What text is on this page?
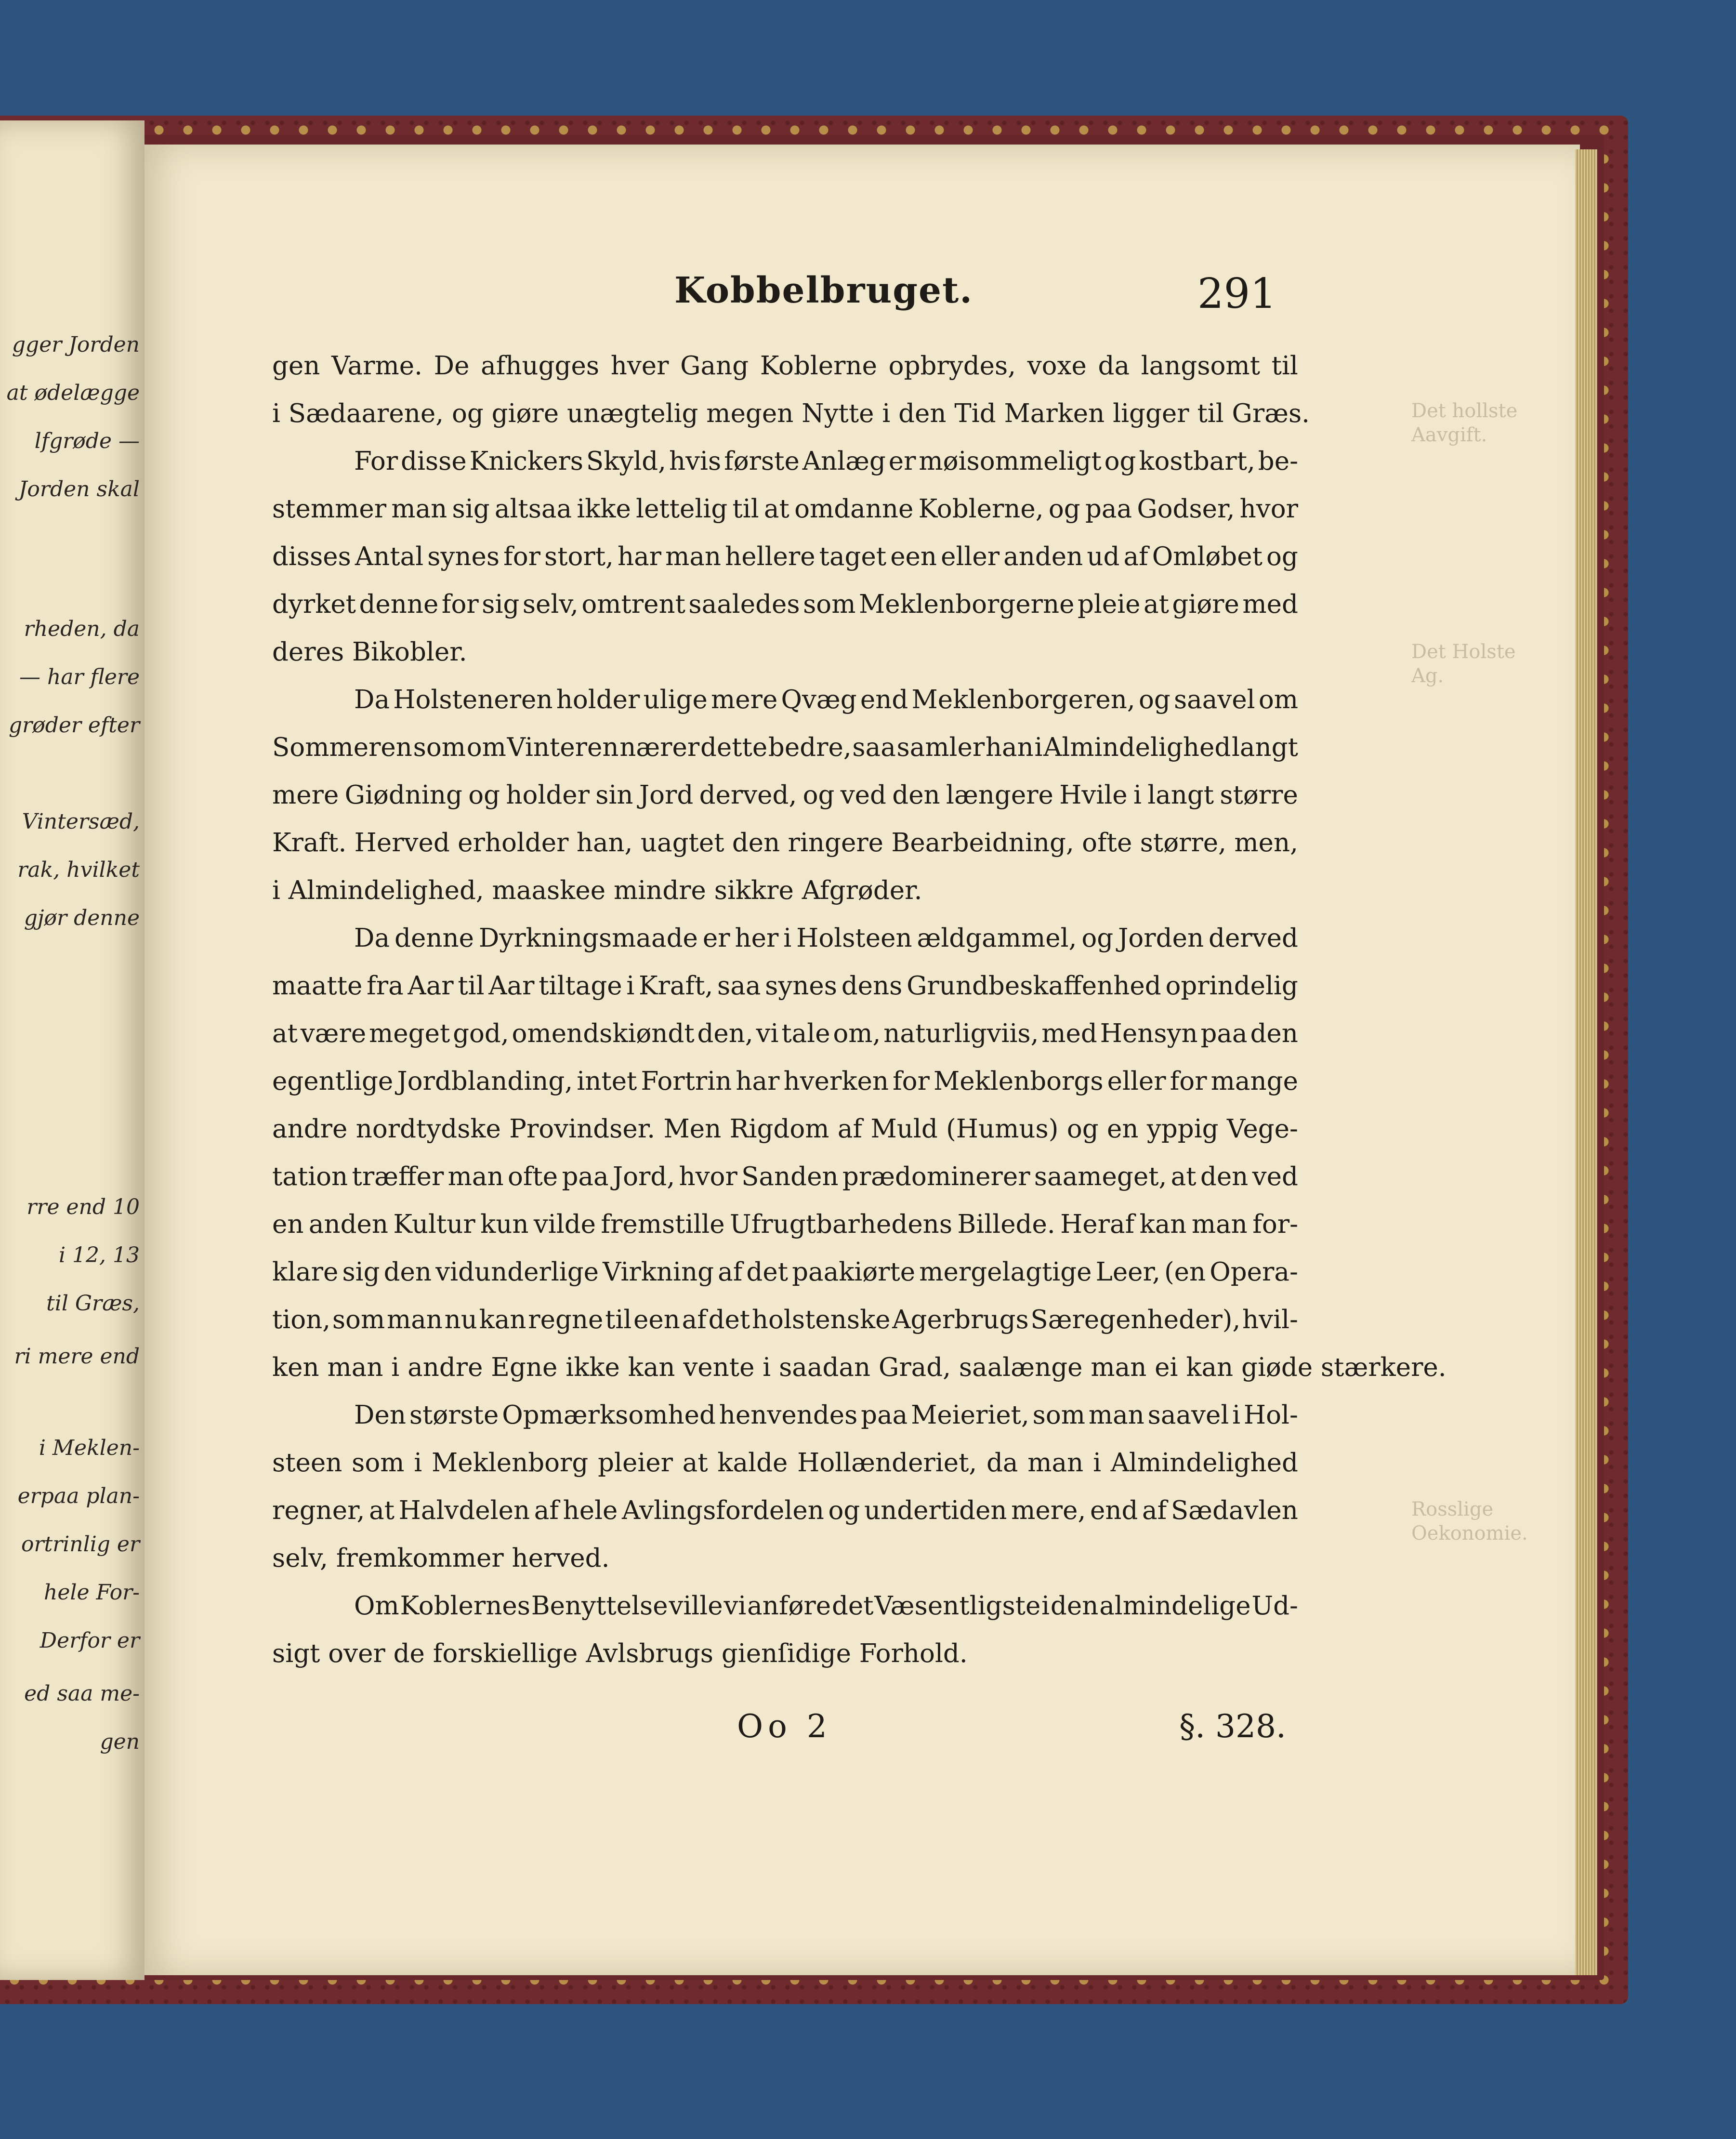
gger Jorden
at ødelægge
lfgrøde —
Jorden skal
rheden, da
— har flere
grøder efter
Vintersæd,
rak, hvilket
gjør denne
rre end 10
i 12, 13
til Græs,
ri mere end
i Meklen-
erpaa plan-
ortrinlig er
hele For-
Derfor er
ed saa me-
gen
Det hollste
Aavgift.
Det Holste
Ag.
Rosslige
Oekonomie.
Kobbelbruget.	291
gen Varme. De afhugges hver Gang Koblerne opbrydes, voxe da langsomt til
i Sædaarene, og giøre unægtelig megen Nytte i den Tid Marken ligger til Græs.
For disse Knickers Skyld, hvis første Anlæg er møisommeligt og kostbart, be-
stemmer man sig altsaa ikke lettelig til at omdanne Koblerne, og paa Godser, hvor
disses Antal synes for stort, har man hellere taget een eller anden ud af Omløbet og
dyrket denne for sig selv, omtrent saaledes som Meklenborgerne pleie at giøre med
deres Bikobler.
Da Holsteneren holder ulige mere Qvæg end Meklenborgeren, og saavel om
Sommeren som om Vinteren nærer dette bedre, saa samler han i Almindelighed langt
mere Giødning og holder sin Jord derved, og ved den længere Hvile i langt større
Kraft. Herved erholder han, uagtet den ringere Bearbeidning, ofte større, men,
i Almindelighed, maaskee mindre sikkre Afgrøder.
Da denne Dyrkningsmaade er her i Holsteen ældgammel, og Jorden derved
maatte fra Aar til Aar tiltage i Kraft, saa synes dens Grundbeskaffenhed oprindelig
at være meget god, omendskiøndt den, vi tale om, naturligviis, med Hensyn paa den
egentlige Jordblanding, intet Fortrin har hverken for Meklenborgs eller for mange
andre nordtydske Provindser. Men Rigdom af Muld (Humus) og en yppig Vege-
tation træffer man ofte paa Jord, hvor Sanden prædominerer saameget, at den ved
en anden Kultur kun vilde fremstille Ufrugtbarhedens Billede. Heraf kan man for-
klare sig den vidunderlige Virkning af det paakiørte mergelagtige Leer, (en Opera-
tion, som man nu kan regne til een af det holstenske Agerbrugs Særegenheder), hvil-
ken man i andre Egne ikke kan vente i saadan Grad, saalænge man ei kan giøde stærkere.
Den største Opmærksomhed henvendes paa Meieriet, som man saavel i Hol-
steen som i Meklenborg pleier at kalde Hollænderiet, da man i Almindelighed
regner, at Halvdelen af hele Avlingsfordelen og undertiden mere, end af Sædavlen
selv, fremkommer herved.
Om Koblernes Benyttelse ville vi anføre det Væsentligste i den almindelige Ud-
sigt over de forskiellige Avlsbrugs gienſidige Forhold.
Oo 2	§. 328.
